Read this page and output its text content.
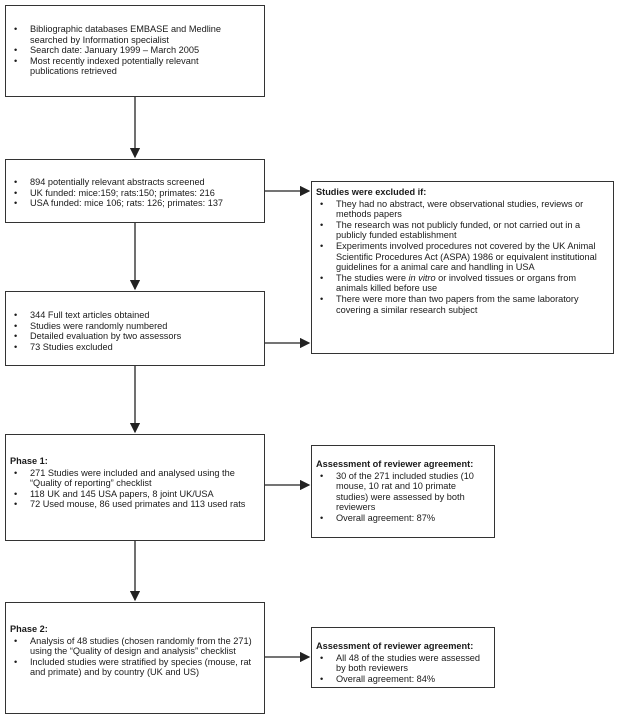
• Bibliographic databases EMBASE and Medline searched by Information specialist
• Search date: January 1999 – March 2005
• Most recently indexed potentially relevant publications retrieved
• 894 potentially relevant abstracts screened
• UK funded: mice:159; rats:150; primates: 216
• USA funded: mice 106; rats: 126; primates: 137
Studies were excluded if:
• They had no abstract, were observational studies, reviews or methods papers
• The research was not publicly funded, or not carried out in a publicly funded establishment
• Experiments involved procedures not covered by the UK Animal Scientific Procedures Act (ASPA) 1986 or equivalent institutional guidelines for a animal care and handling in USA
• The studies were in vitro or involved tissues or organs from animals killed before use
• There were more than two papers from the same laboratory covering a similar research subject
• 344 Full text articles obtained
• Studies were randomly numbered
• Detailed evaluation by two assessors
• 73 Studies excluded
Phase 1:
• 271 Studies were included and analysed using the “Quality of reporting” checklist
• 118 UK and 145 USA papers, 8 joint UK/USA
• 72 Used mouse, 86 used primates and 113 used rats
Assessment of reviewer agreement:
• 30 of the 271 included studies (10 mouse, 10 rat and 10 primate studies) were assessed by both reviewers
• Overall agreement: 87%
Phase 2:
• Analysis of 48 studies (chosen randomly from the 271) using the “Quality of design and analysis” checklist
• Included studies were stratified by species (mouse, rat and primate) and by country (UK and US)
Assessment of reviewer agreement:
• All 48 of the studies were assessed by both reviewers
• Overall agreement: 84%
